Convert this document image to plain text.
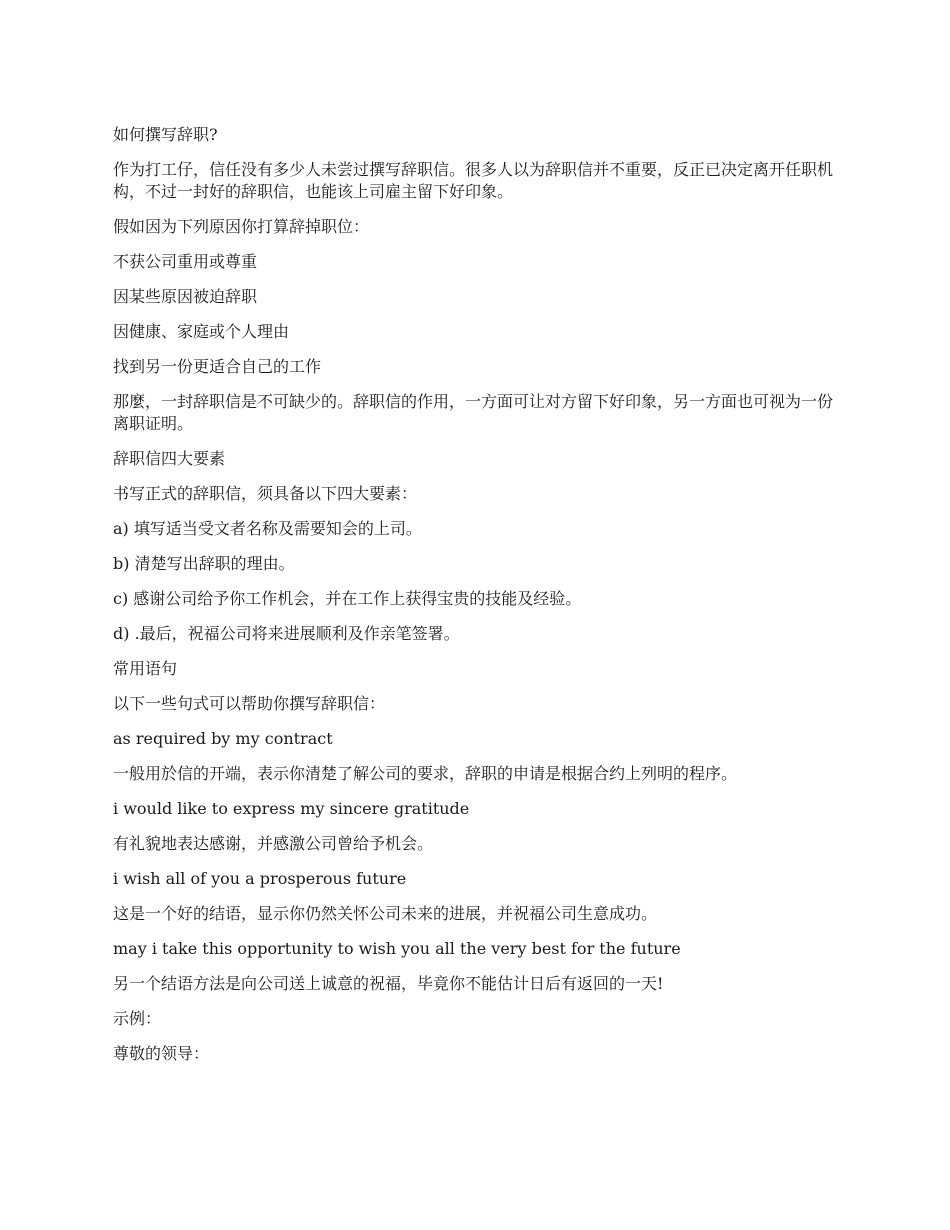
如何撰写辞职?

作为打工仔，信任没有多少人未尝过撰写辞职信。很多人以为辞职信并不重要，反正已决定离开任职机构，不过一封好的辞职信，也能该上司雇主留下好印象。

假如因为下列原因你打算辞掉职位：

不获公司重用或尊重

因某些原因被迫辞职

因健康、家庭或个人理由

找到另一份更适合自己的工作

那麼，一封辞职信是不可缺少的。辞职信的作用，一方面可让对方留下好印象，另一方面也可视为一份离职证明。

辞职信四大要素

书写正式的辞职信，须具备以下四大要素：

a) 填写适当受文者名称及需要知会的上司。

b) 清楚写出辞职的理由。

c) 感谢公司给予你工作机会，并在工作上获得宝贵的技能及经验。

d) .最后，祝福公司将来进展顺利及作亲笔签署。

常用语句

以下一些句式可以帮助你撰写辞职信：

as required by my contract

一般用於信的开端，表示你清楚了解公司的要求，辞职的申请是根据合约上列明的程序。

i would like to express my sincere gratitude

有礼貌地表达感谢，并感激公司曾给予机会。

i wish all of you a prosperous future

这是一个好的结语，显示你仍然关怀公司未来的进展，并祝福公司生意成功。

may i take this opportunity to wish you all the very best for the future

另一个结语方法是向公司送上诚意的祝福，毕竟你不能估计日后有返回的一天!

示例：

尊敬的领导：
